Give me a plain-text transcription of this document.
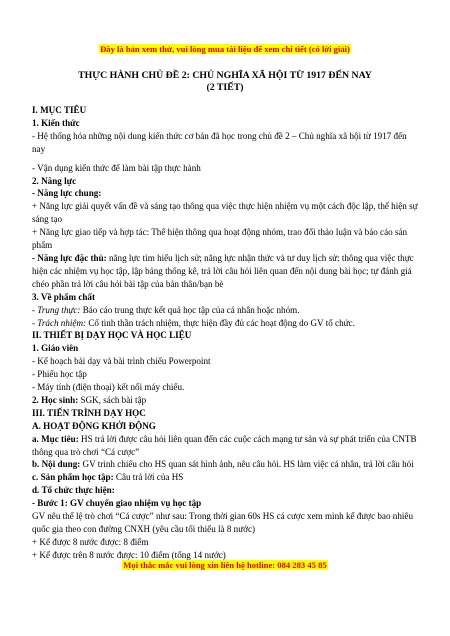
Đây là bản xem thử, vui lòng mua tài liệu để xem chi tiết (có lời giải)
THỰC HÀNH CHỦ ĐỀ 2: CHỦ NGHĨA XÃ HỘI TỪ 1917 ĐẾN NAY
(2 TIẾT)

I. MỤC TIÊU

1. Kiến thức

- Hệ thống hóa những nội dung kiến thức cơ bản đã học trong chủ đề 2 – Chủ nghĩa xã hội từ 1917 đến nay

- Vận dụng kiến thức để làm bài tập thực hành

2. Năng lực

- Năng lực chung:

+ Năng lực giải quyết vấn đề và sáng tạo thông qua việc thực hiện nhiệm vụ một cách độc lập, thể hiện sự sáng tạo

+ Năng lực giao tiếp và hợp tác: Thể hiện thông qua hoạt động nhóm, trao đổi thảo luận và báo cáo sản phẩm

- Năng lực đặc thù: năng lực tìm hiểu lịch sử; năng lực nhận thức và tư duy lịch sử: thông qua việc thực hiện các nhiệm vụ học tập, lập bảng thống kê, trả lời câu hỏi liên quan đến nội dung bài học; tự đánh giá chéo phần trả lời câu hỏi bài tập của bản thân/bạn bè

3. Về phẩm chất

- Trung thực: Báo cáo trung thực kết quả học tập của cá nhân hoặc nhóm.

- Trách nhiệm: Cố tinh thần trách nhiệm, thực hiện đầy đủ các hoạt động do GV tổ chức.

II. THIẾT BỊ DẠY HỌC VÀ HỌC LIỆU

1. Giáo viên

- Kế hoạch bài dạy và bài trình chiếu Powerpoint

- Phiếu học tập

- Máy tính (điện thoại) kết nối máy chiếu.

2. Học sinh: SGK, sách bài tập

III. TIẾN TRÌNH DẠY HỌC

A. HOẠT ĐỘNG KHỞI ĐỘNG

a. Mục tiêu: HS trả lời được câu hỏi liên quan đến các cuộc cách mạng tư sản và sự phát triển của CNTB thông qua trò chơi “Cá cược”

b. Nội dung: GV trình chiếu cho HS quan sát hình ảnh, nêu câu hỏi. HS làm việc cá nhân, trả lời câu hỏi

c. Sản phẩm học tập: Câu trả lời của HS

d. Tổ chức thực hiện:

- Bước 1: GV chuyển giao nhiệm vụ học tập

GV nêu thể lệ trò chơi “Cá cược” như sau: Trong thời gian 60s HS cá cược xem mình kể được bao nhiêu quốc gia theo con đường CNXH (yêu cầu tối thiểu là 8 nước)

+ Kể được 8 nước được: 8 điểm

+ Kể được trên 8 nước được: 10 điểm (tổng 14 nước)

Mọi thắc mắc vui lòng xin liên hệ hotline: 084 283 45 85
